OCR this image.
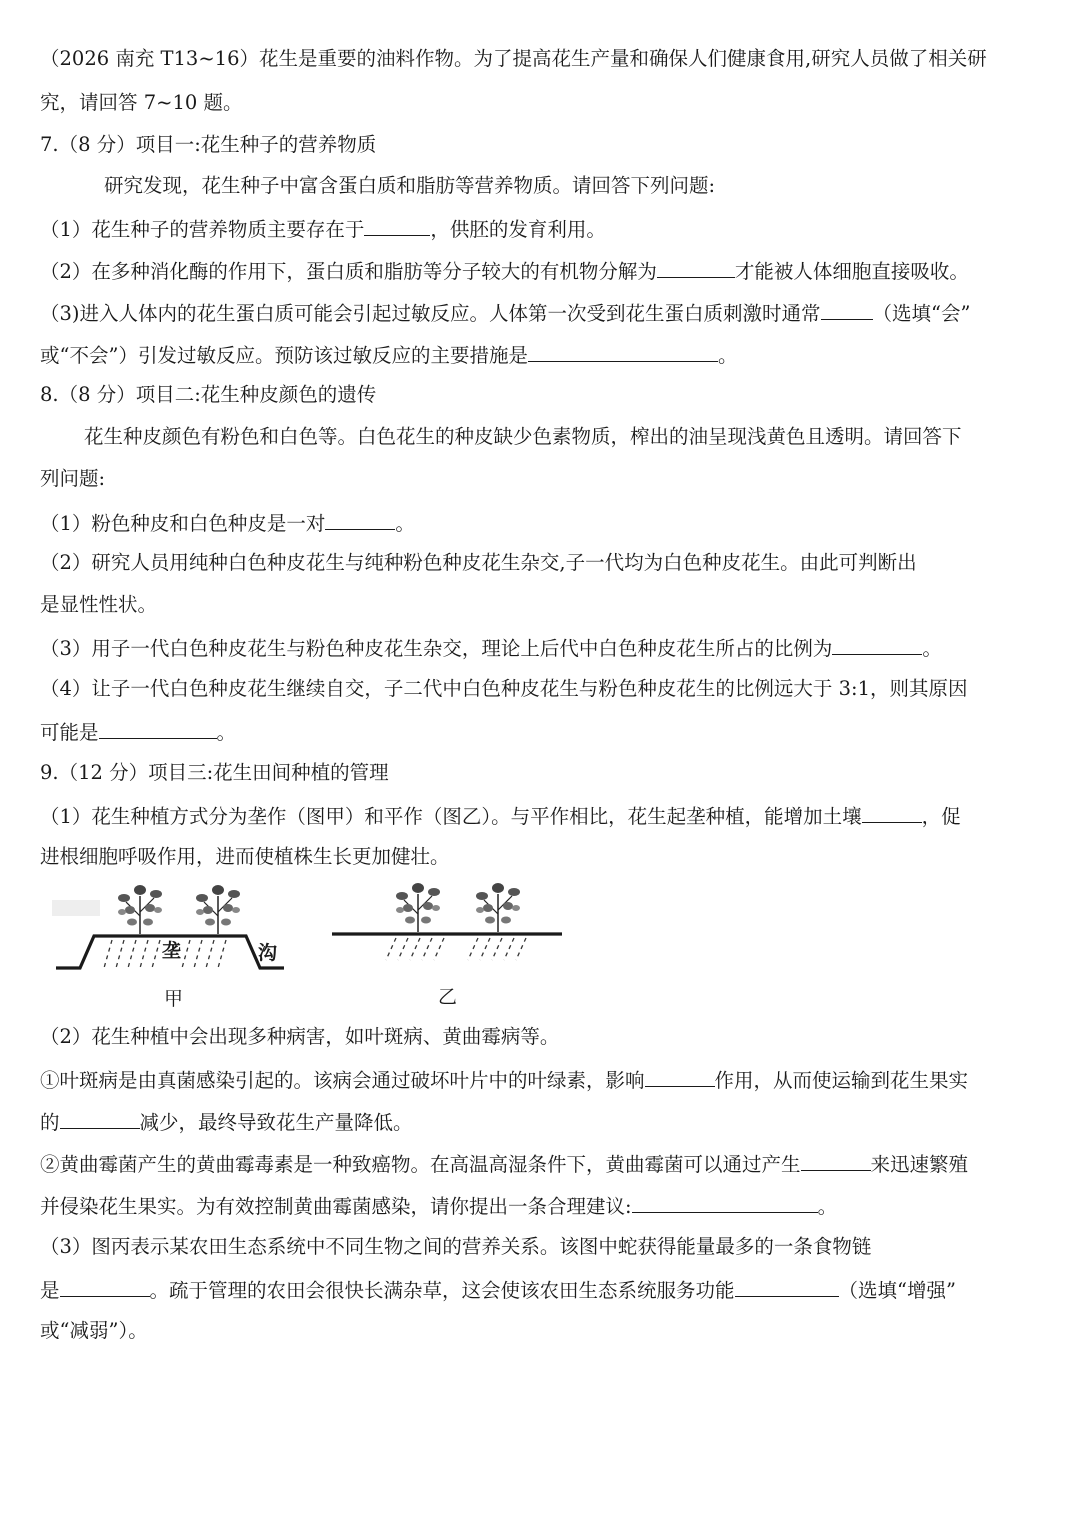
（2026 南充 T13~16）花生是重要的油料作物。为了提高花生产量和确保人们健康食用,研究人员做了相关研
究，请回答 7~10 题。
7.（8 分）项目一:花生种子的营养物质
研究发现，花生种子中富含蛋白质和脂肪等营养物质。请回答下列问题:
（1）花生种子的营养物质主要存在于	，供胚的发育利用。
（2）在多种消化酶的作用下，蛋白质和脂肪等分子较大的有机物分解为	才能被人体细胞直接吸收。
（3)进入人体内的花生蛋白质可能会引起过敏反应。人体第一次受到花生蛋白质刺激时通常	（选填“会”
或“不会”）引发过敏反应。预防该过敏反应的主要措施是	。
8.（8 分）项目二:花生种皮颜色的遗传
花生种皮颜色有粉色和白色等。白色花生的种皮缺少色素物质，榨出的油呈现浅黄色且透明。请回答下
列问题:
（1）粉色种皮和白色种皮是一对	。
（2）研究人员用纯种白色种皮花生与纯种粉色种皮花生杂交,子一代均为白色种皮花生。由此可判断出
是显性性状。
（3）用子一代白色种皮花生与粉色种皮花生杂交，理论上后代中白色种皮花生所占的比例为	。
（4）让子一代白色种皮花生继续自交，子二代中白色种皮花生与粉色种皮花生的比例远大于 3:1，则其原因
可能是	。
9.（12 分）项目三:花生田间种植的管理
（1）花生种植方式分为垄作（图甲）和平作（图乙）。与平作相比，花生起垄种植，能增加土壤	，促
进根细胞呼吸作用，进而使植株生长更加健壮。
垄	沟
甲	乙
（2）花生种植中会出现多种病害，如叶斑病、黄曲霉病等。
①叶斑病是由真菌感染引起的。该病会通过破坏叶片中的叶绿素，影响	作用，从而使运输到花生果实
的	减少，最终导致花生产量降低。
②黄曲霉菌产生的黄曲霉毒素是一种致癌物。在高温高湿条件下，黄曲霉菌可以通过产生	来迅速繁殖
并侵染花生果实。为有效控制黄曲霉菌感染，请你提出一条合理建议:	。
（3）图丙表示某农田生态系统中不同生物之间的营养关系。该图中蛇获得能量最多的一条食物链
是	。疏于管理的农田会很快长满杂草，这会使该农田生态系统服务功能	（选填“增强”
或“减弱”）。
